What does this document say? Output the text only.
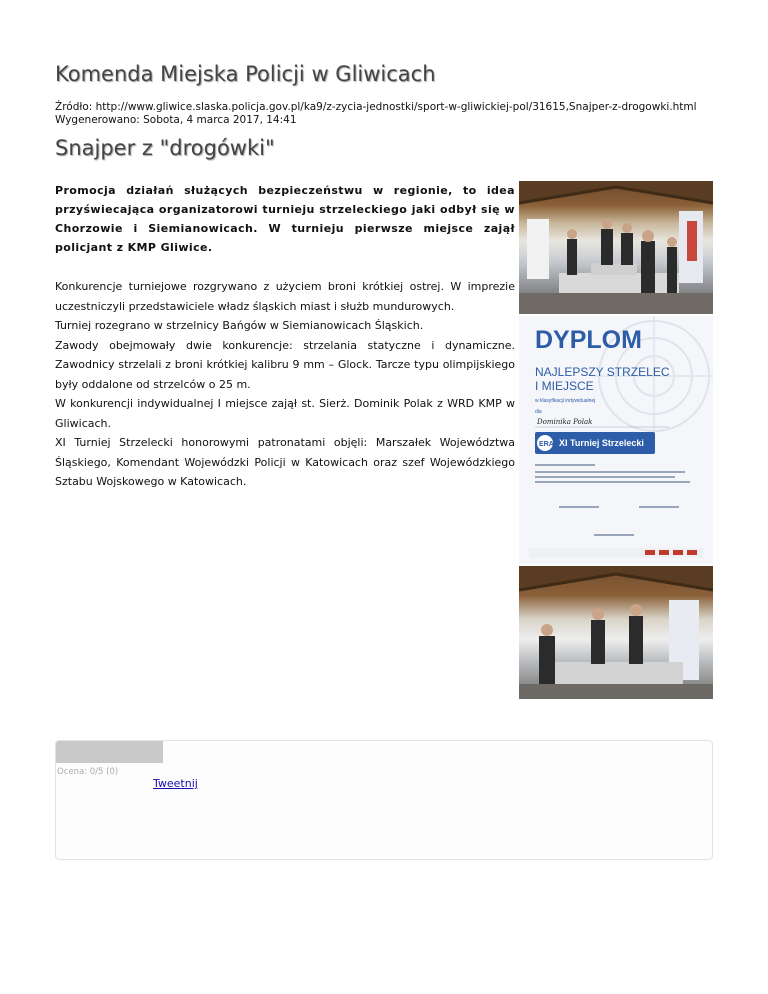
Komenda Miejska Policji w Gliwicach
Źródło: http://www.gliwice.slaska.policja.gov.pl/ka9/z-zycia-jednostki/sport-w-gliwickiej-pol/31615,Snajper-z-drogowki.html
Wygenerowano: Sobota, 4 marca 2017, 14:41
Snajper z "drogówki"

Promocja działań służących bezpieczeństwu w regionie, to idea przyświecająca organizatorowi turnieju strzeleckiego jaki odbył się w Chorzowie i Siemianowicach. W turnieju pierwsze miejsce zajął policjant z KMP Gliwice.

Konkurencje turniejowe rozgrywano z użyciem broni krótkiej ostrej. W imprezie uczestniczyli przedstawiciele władz śląskich miast i służb mundurowych.

Turniej rozegrano w strzelnicy Bańgów w Siemianowicach Śląskich.

Zawody obejmowały dwie konkurencje: strzelania statyczne i dynamiczne. Zawodnicy strzelali z broni krótkiej kalibru 9 mm – Glock. Tarcze typu olimpijskiego były oddalone od strzelców o 25 m.

W konkurencji indywidualnej I miejsce zajął st. Sierż. Dominik Polak z WRD KMP w Gliwicach.

XI Turniej Strzelecki honorowymi patronatami objęli: Marszałek Województwa Śląskiego, Komendant Wojewódzki Policji w Katowicach oraz szef Wojewódzkiego Sztabu Wojskowego w Katowicach.

DYPLOM
NAJLEPSZY STRZELEC
I MIEJSCE
w klasyfikacji indywidualnej
dla
Dominika Polak
ERA XI Turniej Strzelecki
Ocena: 0/5 (0)
Tweetnij
